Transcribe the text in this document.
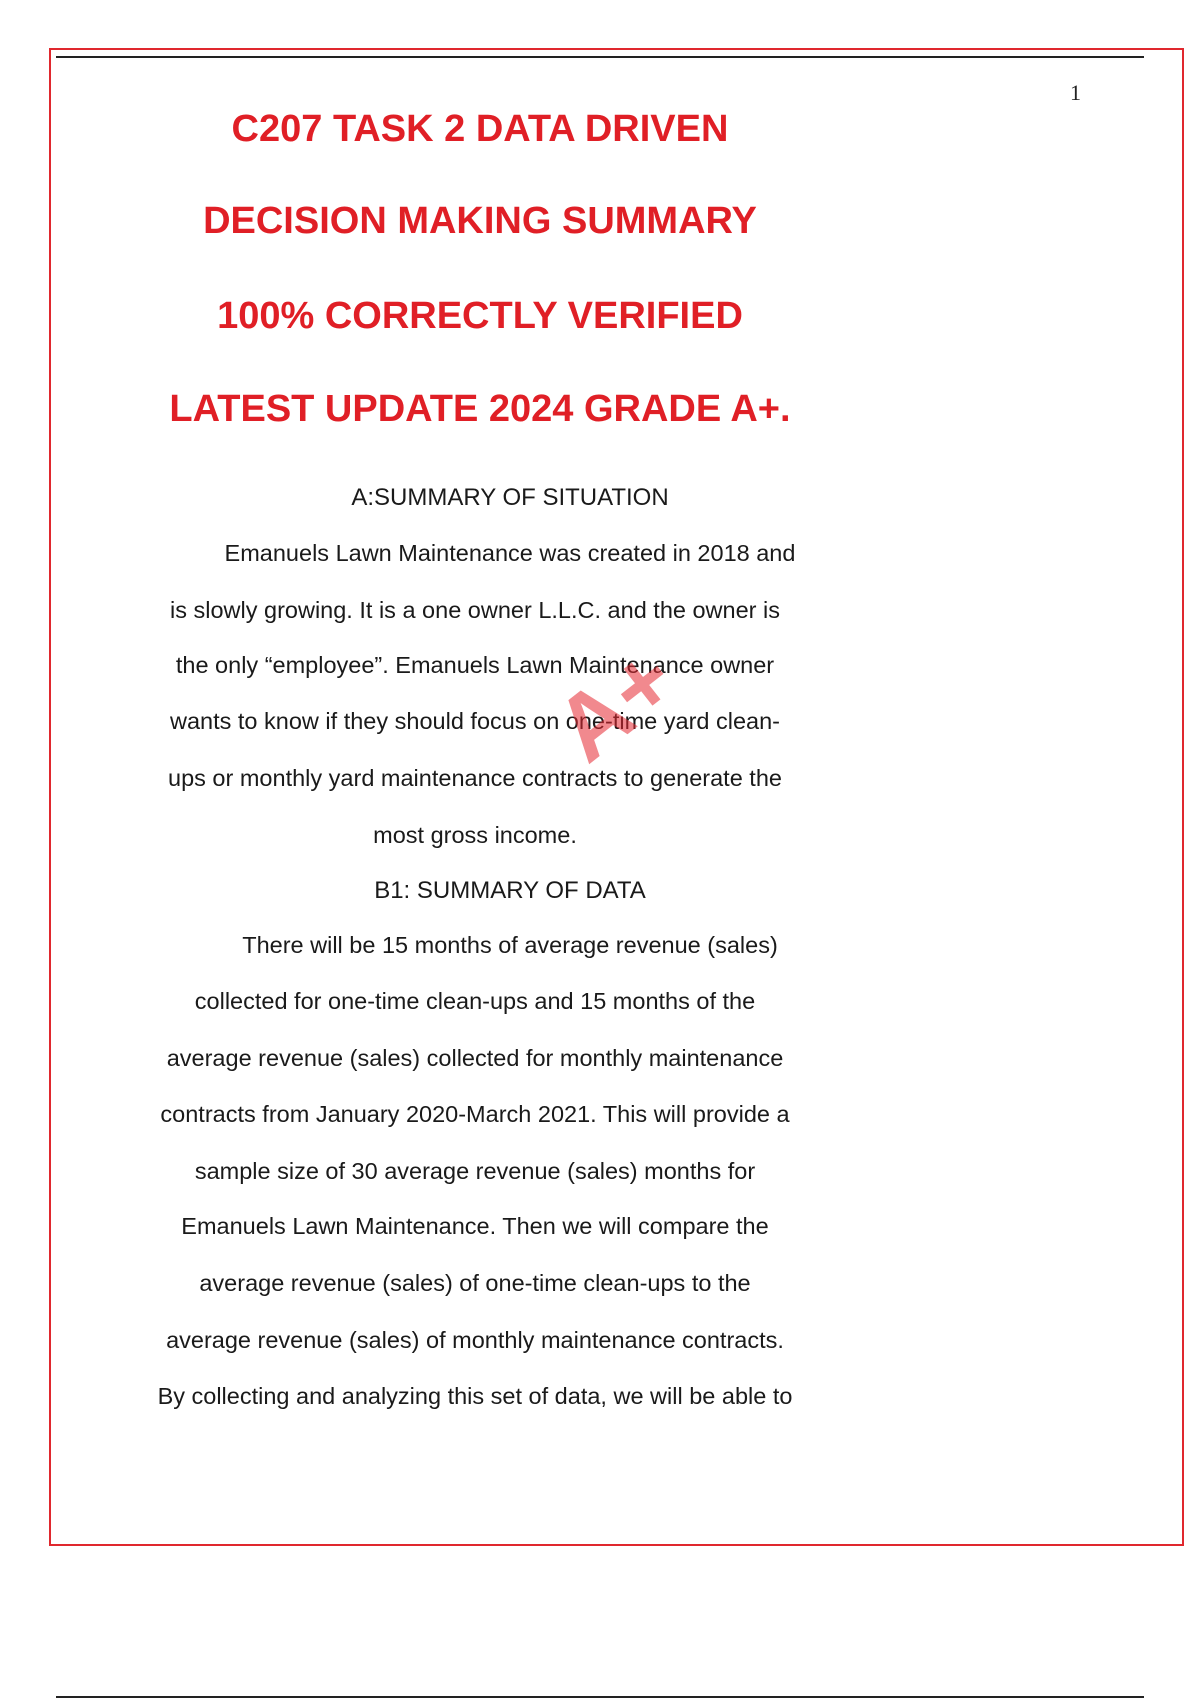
1
C207 TASK 2 DATA DRIVEN
DECISION MAKING SUMMARY
100% CORRECTLY VERIFIED
LATEST UPDATE 2024 GRADE A+.
A:SUMMARY OF SITUATION
Emanuels Lawn Maintenance was created in 2018 and
is slowly growing. It is a one owner L.L.C. and the owner is
the only “employee”. Emanuels Lawn Maintenance owner
wants to know if they should focus on one-time yard clean-
ups or monthly yard maintenance contracts to generate the
most gross income.
B1: SUMMARY OF DATA
There will be 15 months of average revenue (sales)
collected for one-time clean-ups and 15 months of the
average revenue (sales) collected for monthly maintenance
contracts from January 2020-March 2021. This will provide a
sample size of 30 average revenue (sales) months for
Emanuels Lawn Maintenance. Then we will compare the
average revenue (sales) of one-time clean-ups to the
average revenue (sales) of monthly maintenance contracts.
By collecting and analyzing this set of data, we will be able to
A+
